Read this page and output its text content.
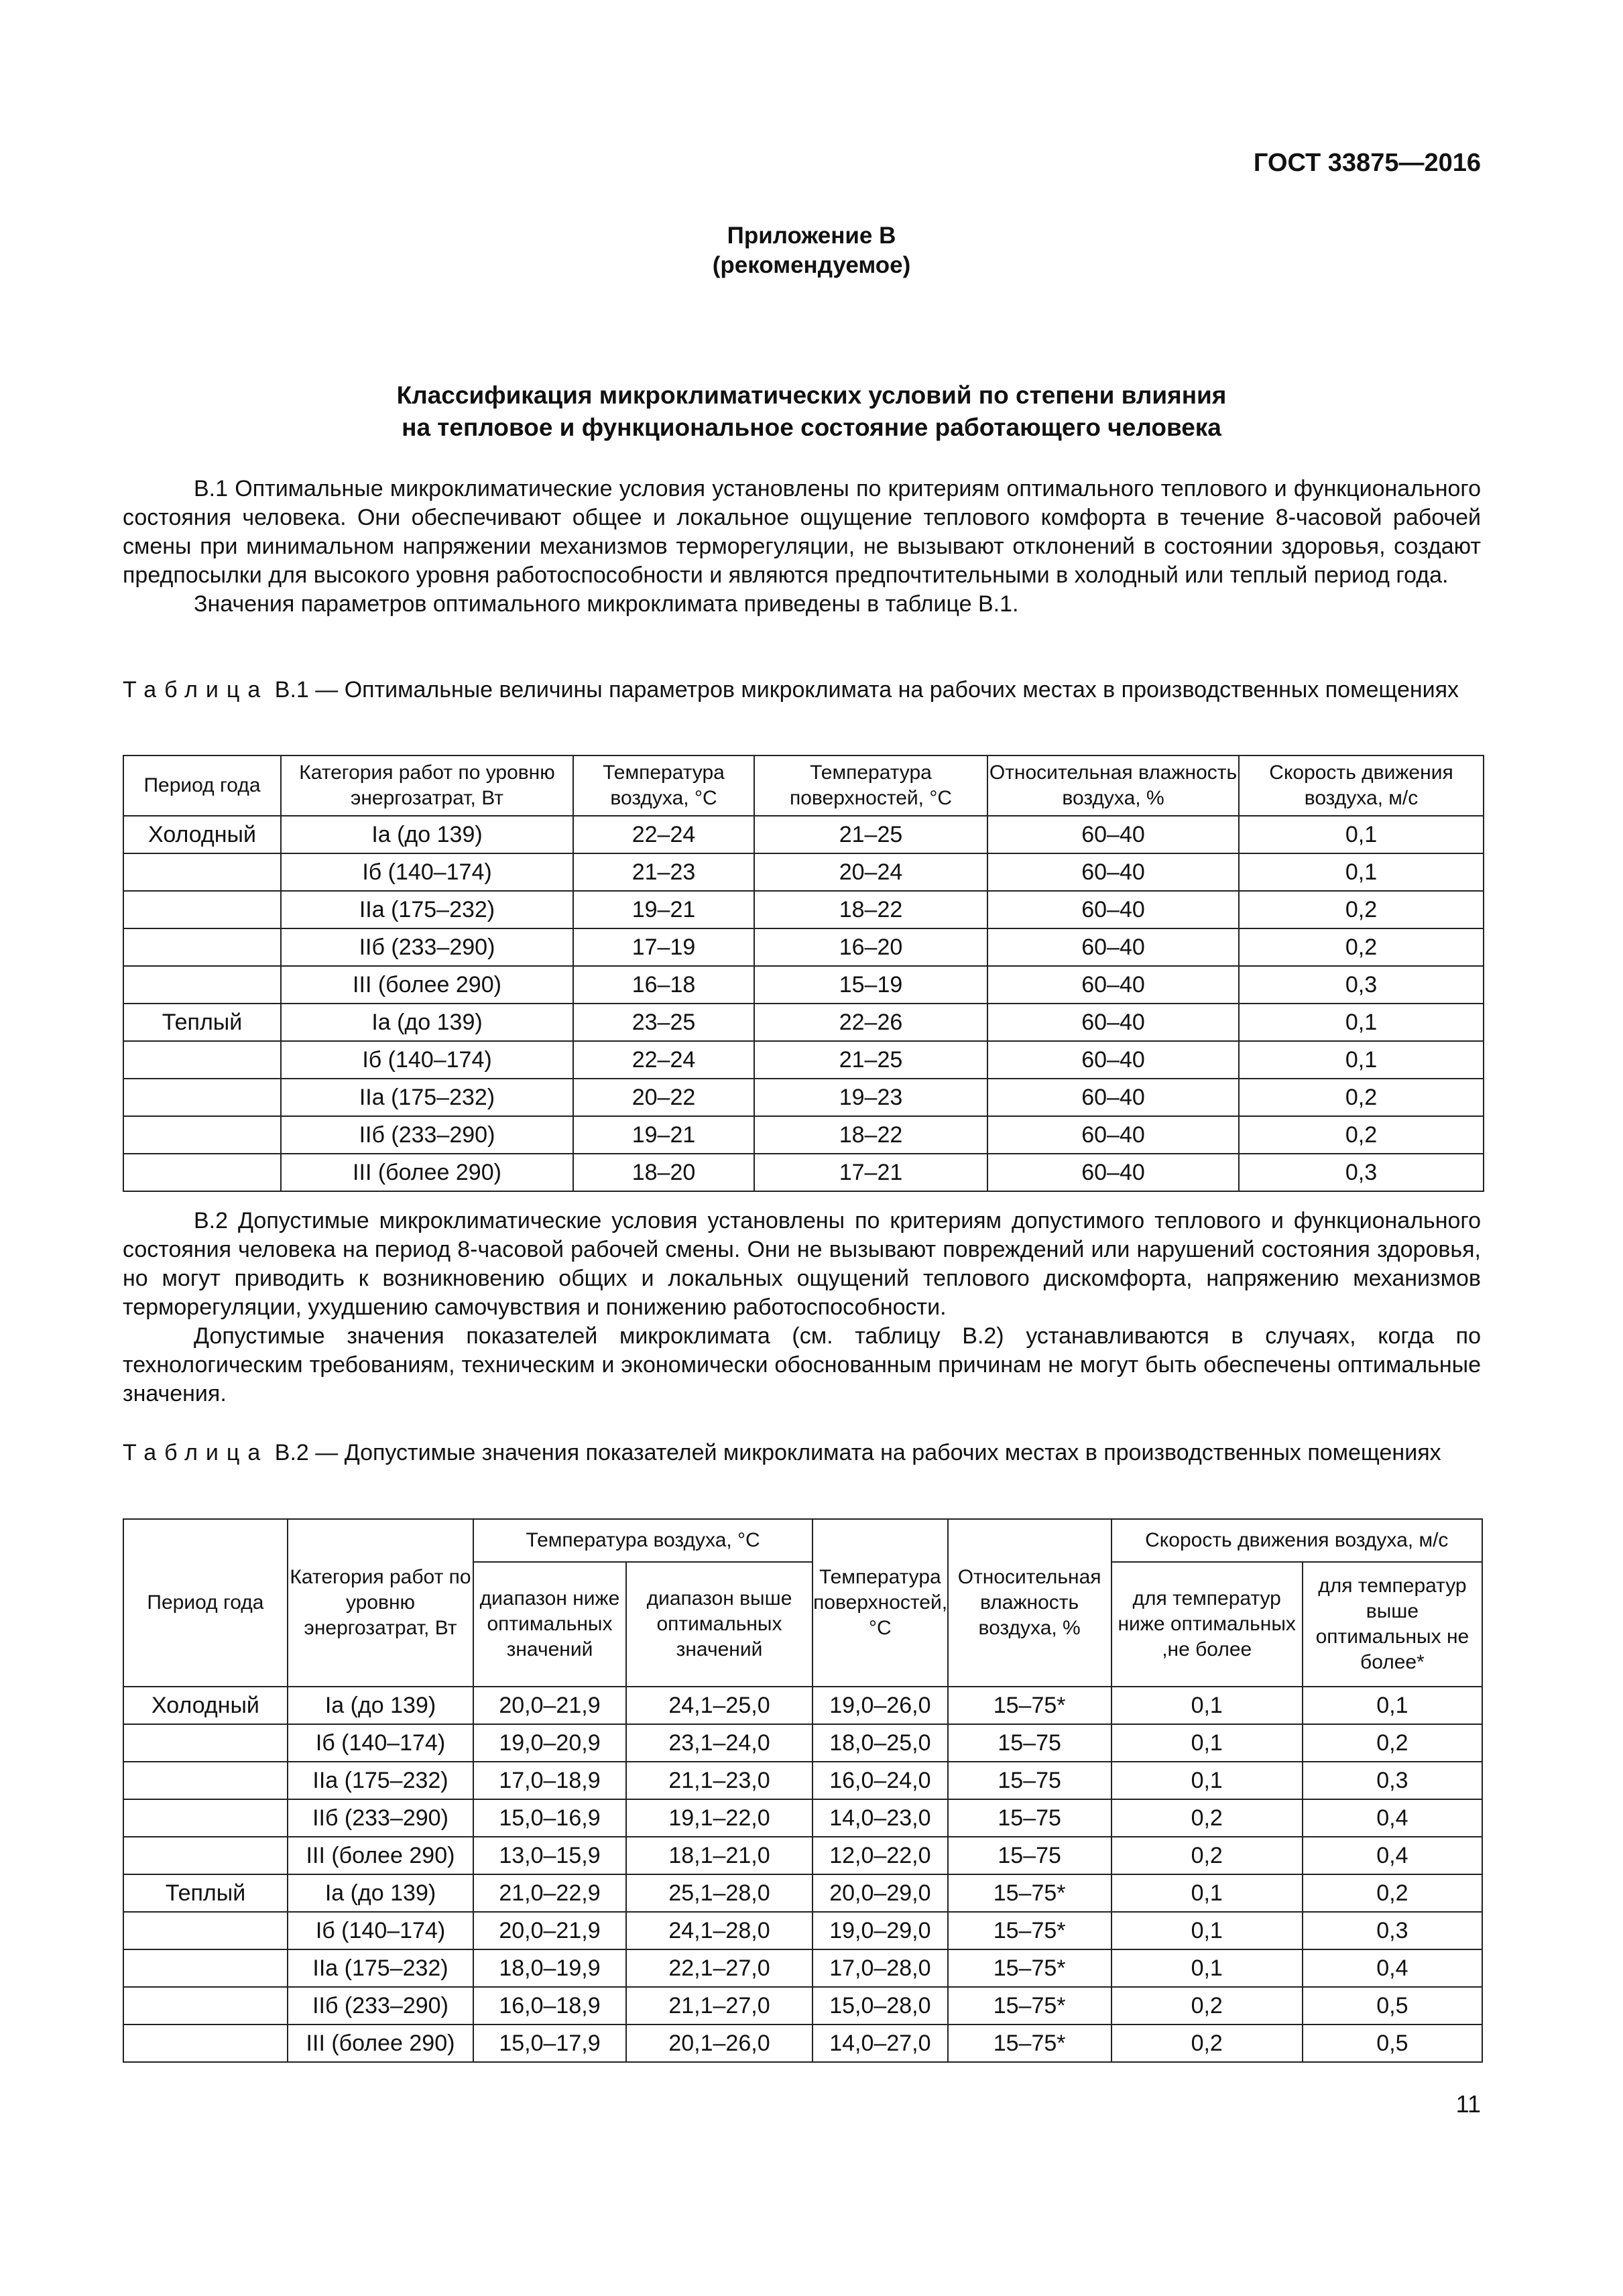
ГОСТ 33875—2016
Приложение В
(рекомендуемое)
Классификация микроклиматических условий по степени влияния
на тепловое и функциональное состояние работающего человека

В.1 Оптимальные микроклиматические условия установлены по критериям оптимального теплового и функционального состояния человека. Они обеспечивают общее и локальное ощущение теплового комфорта в течение 8-часовой рабочей смены при минимальном напряжении механизмов терморегуляции, не вызывают отклонений в состоянии здоровья, создают предпосылки для высокого уровня работоспособности и являются предпочтительными в холодный или теплый период года.

Значения параметров оптимального микроклимата приведены в таблице В.1.

Таблица В.1 — Оптимальные величины параметров микроклимата на рабочих местах в производственных помещениях
Период года	Категория работ по уровню энергозатрат, Вт	Температура воздуха, °С	Температура поверхностей, °С	Относительная влажность воздуха, %	Скорость движения воздуха, м/с
Холодный	Iа (до 139)	22–24	21–25	60–40	0,1
	Iб (140–174)	21–23	20–24	60–40	0,1
	IIа (175–232)	19–21	18–22	60–40	0,2
	IIб (233–290)	17–19	16–20	60–40	0,2
	III (более 290)	16–18	15–19	60–40	0,3
Теплый	Iа (до 139)	23–25	22–26	60–40	0,1
	Iб (140–174)	22–24	21–25	60–40	0,1
	IIа (175–232)	20–22	19–23	60–40	0,2
	IIб (233–290)	19–21	18–22	60–40	0,2
	III (более 290)	18–20	17–21	60–40	0,3

В.2 Допустимые микроклиматические условия установлены по критериям допустимого теплового и функционального состояния человека на период 8-часовой рабочей смены. Они не вызывают повреждений или нарушений состояния здоровья, но могут приводить к возникновению общих и локальных ощущений теплового дискомфорта, напряжению механизмов терморегуляции, ухудшению самочувствия и понижению работоспособности.

Допустимые значения показателей микроклимата (см. таблицу В.2) устанавливаются в случаях, когда по технологическим требованиям, техническим и экономически обоснованным причинам не могут быть обеспечены оптимальные значения.

Таблица В.2 — Допустимые значения показателей микроклимата на рабочих местах в производственных помещениях
Период года	Категория работ по уровню энергозатрат, Вт	Температура воздуха, °С		Температура поверхностей, °С	Относительная влажность воздуха, %	Скорость движения воздуха, м/с	
		диапазон ниже оптимальных значений	диапазон выше оптимальных значений			для температур ниже оптимальных ,не более	для температур выше оптимальных не более*
Холодный	Iа (до 139)	20,0–21,9	24,1–25,0	19,0–26,0	15–75*	0,1	0,1
	Iб (140–174)	19,0–20,9	23,1–24,0	18,0–25,0	15–75	0,1	0,2
	IIа (175–232)	17,0–18,9	21,1–23,0	16,0–24,0	15–75	0,1	0,3
	IIб (233–290)	15,0–16,9	19,1–22,0	14,0–23,0	15–75	0,2	0,4
	III (более 290)	13,0–15,9	18,1–21,0	12,0–22,0	15–75	0,2	0,4
Теплый	Iа (до 139)	21,0–22,9	25,1–28,0	20,0–29,0	15–75*	0,1	0,2
	Iб (140–174)	20,0–21,9	24,1–28,0	19,0–29,0	15–75*	0,1	0,3
	IIа (175–232)	18,0–19,9	22,1–27,0	17,0–28,0	15–75*	0,1	0,4
	IIб (233–290)	16,0–18,9	21,1–27,0	15,0–28,0	15–75*	0,2	0,5
	III (более 290)	15,0–17,9	20,1–26,0	14,0–27,0	15–75*	0,2	0,5
11
